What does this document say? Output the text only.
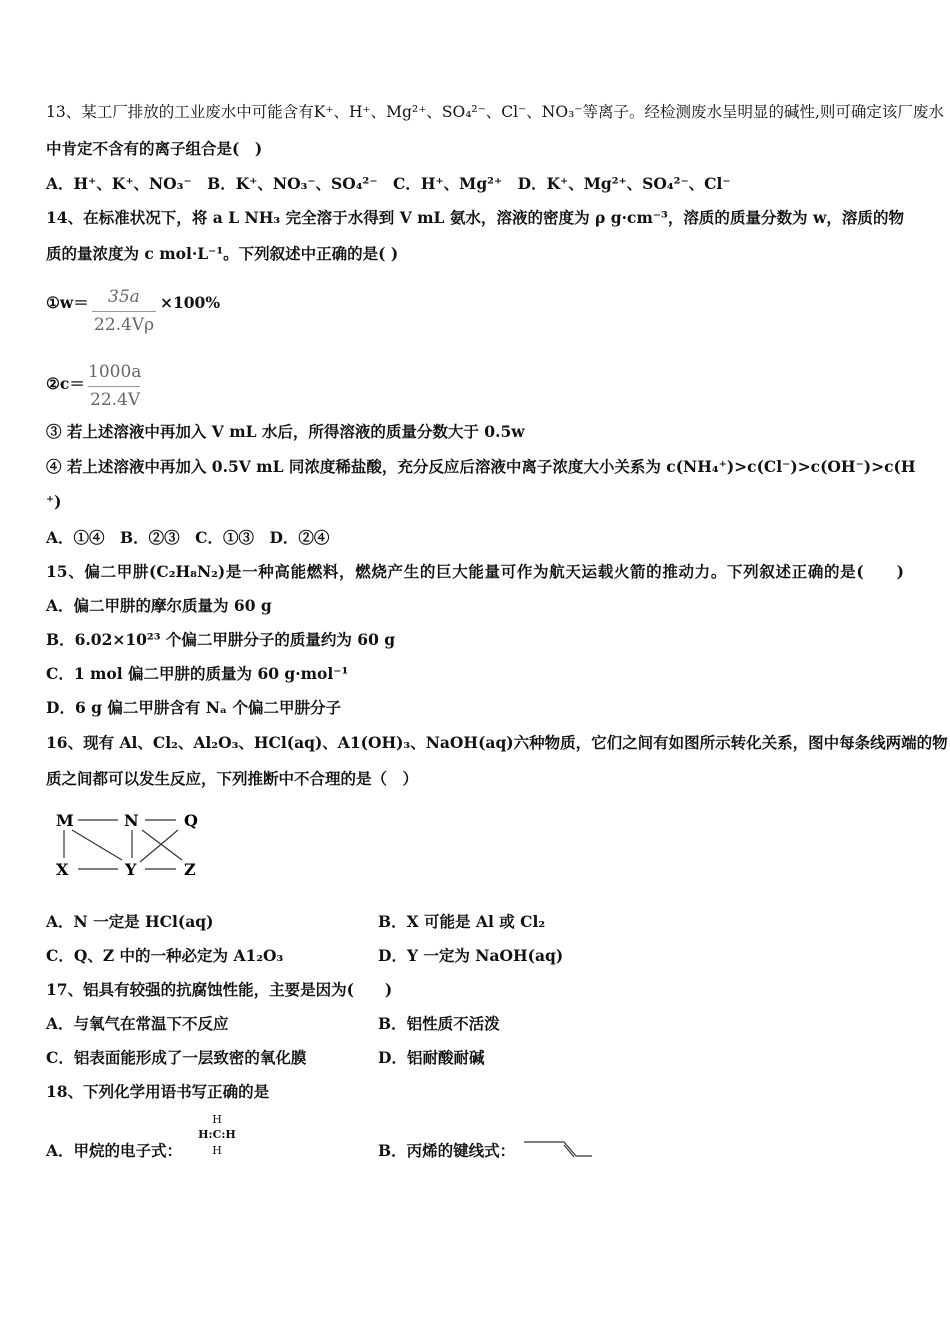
13、某工厂排放的工业废水中可能含有K⁺、H⁺、Mg²⁺、SO₄²⁻、Cl⁻、NO₃⁻等离子。经检测废水呈明显的碱性,则可确定该厂废水
中肯定不含有的离子组合是(　)
A．H⁺、K⁺、NO₃⁻　B．K⁺、NO₃⁻、SO₄²⁻　C．H⁺、Mg²⁺　D．K⁺、Mg²⁺、SO₄²⁻、Cl⁻
14、在标准状况下，将 a L NH₃ 完全溶于水得到 V mL 氨水，溶液的密度为 ρ g·cm⁻³，溶质的质量分数为 w，溶质的物
质的量浓度为 c mol·L⁻¹。下列叙述中正确的是( )
①w＝ 35a
22.4Vρ
×100%
②c＝
1000a
22.4V
③ 若上述溶液中再加入 V mL 水后，所得溶液的质量分数大于 0.5w
④ 若上述溶液中再加入 0.5V mL 同浓度稀盐酸，充分反应后溶液中离子浓度大小关系为 c(NH₄⁺)>c(Cl⁻)>c(OH⁻)>c(H
⁺)
A．①④　B．②③　C．①③　D．②④
15、偏二甲肼(C₂H₈N₂)是一种高能燃料，燃烧产生的巨大能量可作为航天运载火箭的推动力。下列叙述正确的是(　　)
A．偏二甲肼的摩尔质量为 60 g
B．6.02×10²³ 个偏二甲肼分子的质量约为 60 g
C．1 mol 偏二甲肼的质量为 60 g·mol⁻¹
D．6 g 偏二甲肼含有 Nₐ 个偏二甲肼分子
16、现有 Al、Cl₂、Al₂O₃、HCl(aq)、A1(OH)₃、NaOH(aq)六种物质，它们之间有如图所示转化关系，图中每条线两端的物
质之间都可以发生反应，下列推断中不合理的是（　）
M	N	Q
X	Y	Z
A．N 一定是 HCl(aq)	B．X 可能是 Al 或 Cl₂
C．Q、Z 中的一种必定为 A1₂O₃	D．Y 一定为 NaOH(aq)
17、铝具有较强的抗腐蚀性能，主要是因为(　　)
A．与氧气在常温下不反应	B．铝性质不活泼
C．铝表面能形成了一层致密的氧化膜	D．铝耐酸耐碱
18、下列化学用语书写正确的是
A．甲烷的电子式：
H
H:C:H
H	B．丙烯的键线式：
